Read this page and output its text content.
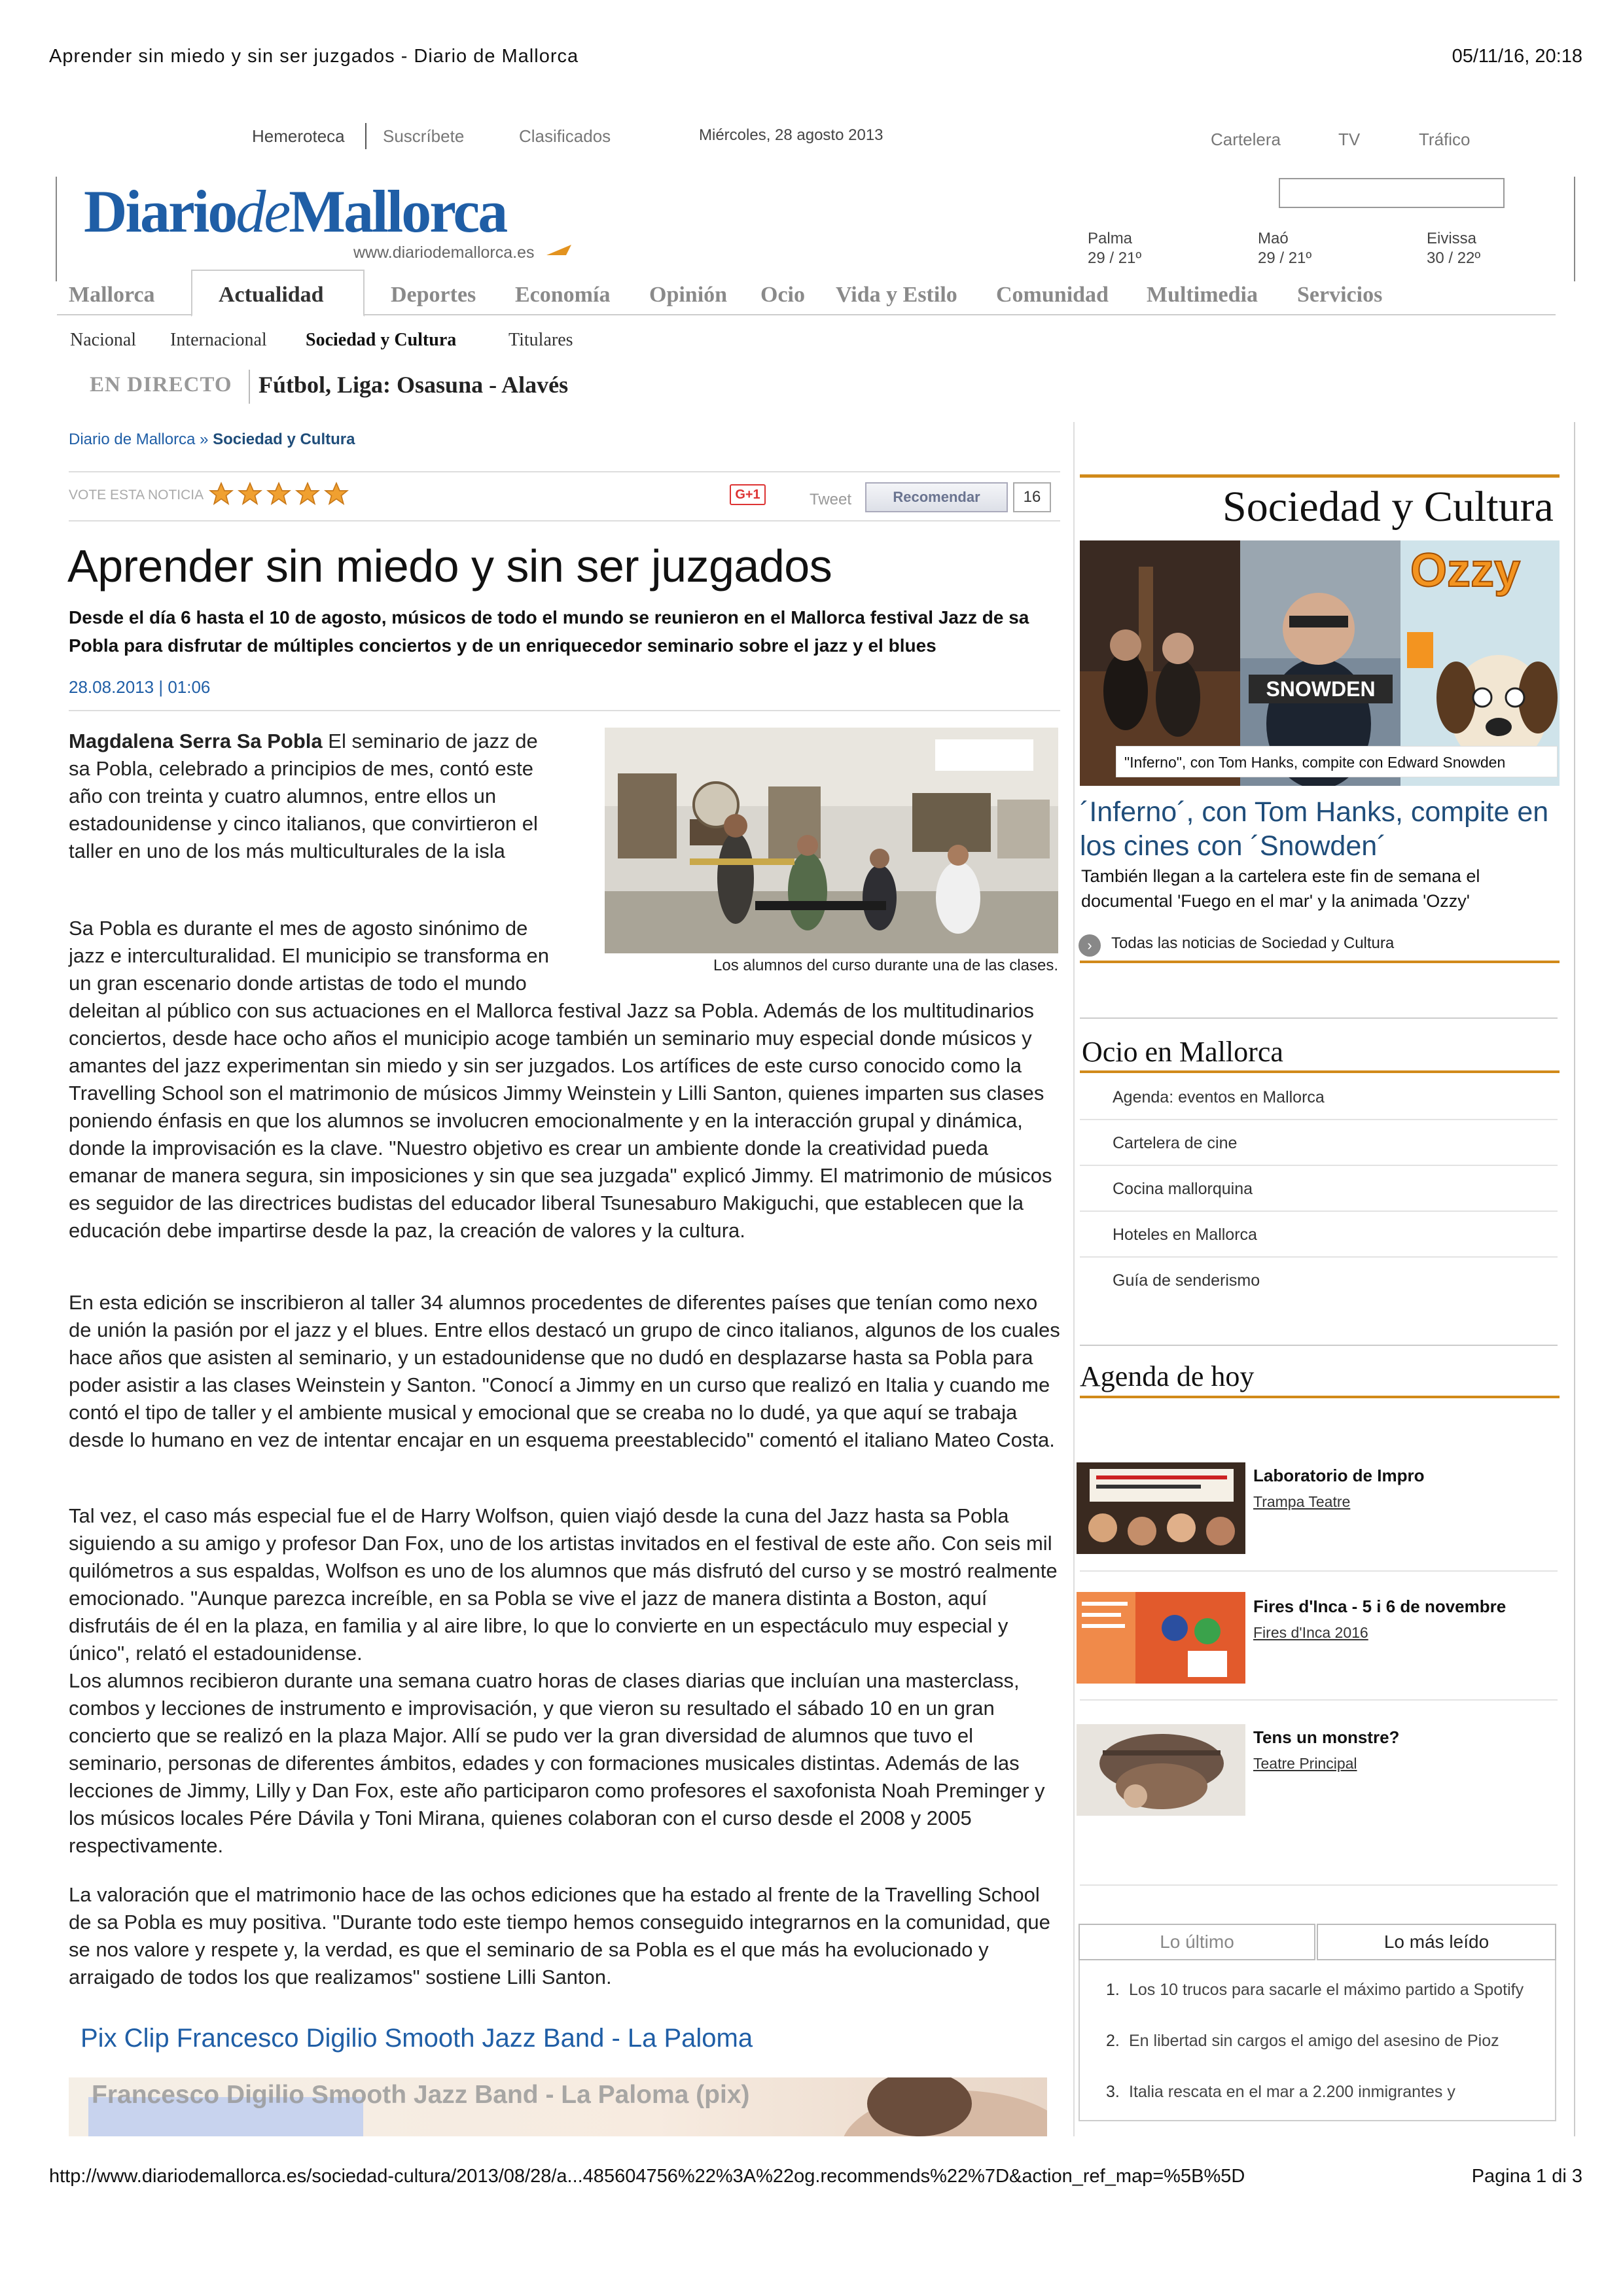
Aprender sin miedo y sin ser juzgados - Diario de Mallorca	05/11/16, 20:18
Hemeroteca Suscríbete	Clasificados	Miércoles, 28 agosto 2013	Cartelera	TV	Tráfico
DiariodeMallorca
www.diariodemallorca.es
Palma
29 / 21º
Maó
29 / 21º
Eivissa
30 / 22º
Mallorca	Actualidad	Deportes Economía Opinión Ocio Vida y Estilo Comunidad Multimedia Servicios
Nacional Internacional Sociedad y Cultura	Titulares
EN DIRECTO Fútbol, Liga: Osasuna - Alavés
Diario de Mallorca » Sociedad y Cultura
VOTE ESTA NOTICIA	G+1	Tweet	Recomendar	16
Aprender sin miedo y sin ser juzgados
Desde el día 6 hasta el 10 de agosto, músicos de todo el mundo se reunieron en el Mallorca festival Jazz de sa Pobla para disfrutar de múltiples conciertos y de un enriquecedor seminario sobre el jazz y el blues
28.08.2013 | 01:06
Los alumnos del curso durante una de las clases.
Magdalena Serra Sa Pobla El seminario de jazz de sa Pobla, celebrado a principios de mes, contó este año con treinta y cuatro alumnos, entre ellos un estadounidense y cinco italianos, que convirtieron el taller en uno de los más multiculturales de la isla
Sa Pobla es durante el mes de agosto sinónimo de jazz e interculturalidad. El municipio se transforma en un gran escenario donde artistas de todo el mundo deleitan al público con sus actuaciones en el Mallorca festival Jazz sa Pobla. Además de los multitudinarios conciertos, desde hace ocho años el municipio acoge también un seminario muy especial donde músicos y amantes del jazz experimentan sin miedo y sin ser juzgados. Los artífices de este curso conocido como la Travelling School son el matrimonio de músicos Jimmy Weinstein y Lilli Santon, quienes imparten sus clases poniendo énfasis en que los alumnos se involucren emocionalmente y en la interacción grupal y dinámica, donde la improvisación es la clave. "Nuestro objetivo es crear un ambiente donde la creatividad pueda emanar de manera segura, sin imposiciones y sin que sea juzgada" explicó Jimmy. El matrimonio de músicos es seguidor de las directrices budistas del educador liberal Tsunesaburo Makiguchi, que establecen que la educación debe impartirse desde la paz, la creación de valores y la cultura.
En esta edición se inscribieron al taller 34 alumnos procedentes de diferentes países que tenían como nexo de unión la pasión por el jazz y el blues. Entre ellos destacó un grupo de cinco italianos, algunos de los cuales hace años que asisten al seminario, y un estadounidense que no dudó en desplazarse hasta sa Pobla para poder asistir a las clases Weinstein y Santon. "Conocí a Jimmy en un curso que realizó en Italia y cuando me contó el tipo de taller y el ambiente musical y emocional que se creaba no lo dudé, ya que aquí se trabaja desde lo humano en vez de intentar encajar en un esquema preestablecido" comentó el italiano Mateo Costa.
Tal vez, el caso más especial fue el de Harry Wolfson, quien viajó desde la cuna del Jazz hasta sa Pobla siguiendo a su amigo y profesor Dan Fox, uno de los artistas invitados en el festival de este año. Con seis mil quilómetros a sus espaldas, Wolfson es uno de los alumnos que más disfrutó del curso y se mostró realmente emocionado. "Aunque parezca increíble, en sa Pobla se vive el jazz de manera distinta a Boston, aquí disfrutáis de él en la plaza, en familia y al aire libre, lo que lo convierte en un espectáculo muy especial y único", relató el estadounidense.
Los alumnos recibieron durante una semana cuatro horas de clases diarias que incluían una masterclass, combos y lecciones de instrumento e improvisación, y que vieron su resultado el sábado 10 en un gran concierto que se realizó en la plaza Major. Allí se pudo ver la gran diversidad de alumnos que tuvo el seminario, personas de diferentes ámbitos, edades y con formaciones musicales distintas. Además de las lecciones de Jimmy, Lilly y Dan Fox, este año participaron como profesores el saxofonista Noah Preminger y los músicos locales Pére Dávila y Toni Mirana, quienes colaboran con el curso desde el 2008 y 2005 respectivamente.
La valoración que el matrimonio hace de las ochos ediciones que ha estado al frente de la Travelling School de sa Pobla es muy positiva. "Durante todo este tiempo hemos conseguido integrarnos en la comunidad, que se nos valore y respete y, la verdad, es que el seminario de sa Pobla es el que más ha evolucionado y arraigado de todos los que realizamos" sostiene Lilli Santon.
Pix Clip Francesco Digilio Smooth Jazz Band - La Paloma
Francesco Digilio Smooth Jazz Band - La Paloma (pix)
Sociedad y Cultura
SNOWDEN
Ozzy
"Inferno", con Tom Hanks, compite con Edward Snowden
´Inferno´, con Tom Hanks, compite en los cines con ´Snowden´
También llegan a la cartelera este fin de semana el documental 'Fuego en el mar' y la animada 'Ozzy'
›	Todas las noticias de Sociedad y Cultura
Ocio en Mallorca
Agenda: eventos en Mallorca
Cartelera de cine
Cocina mallorquina
Hoteles en Mallorca
Guía de senderismo
Agenda de hoy
Laboratorio de Impro
Trampa Teatre
Fires d'Inca - 5 i 6 de novembre
Fires d'Inca 2016
Tens un monstre?
Teatre Principal
Lo último	Lo más leído
1. Los 10 trucos para sacarle el máximo partido a Spotify
2. En libertad sin cargos el amigo del asesino de Pioz
3. Italia rescata en el mar a 2.200 inmigrantes y
http://www.diariodemallorca.es/sociedad-cultura/2013/08/28/a...485604756%22%3A%22og.recommends%22%7D&action_ref_map=%5B%5D	Pagina 1 di 3
